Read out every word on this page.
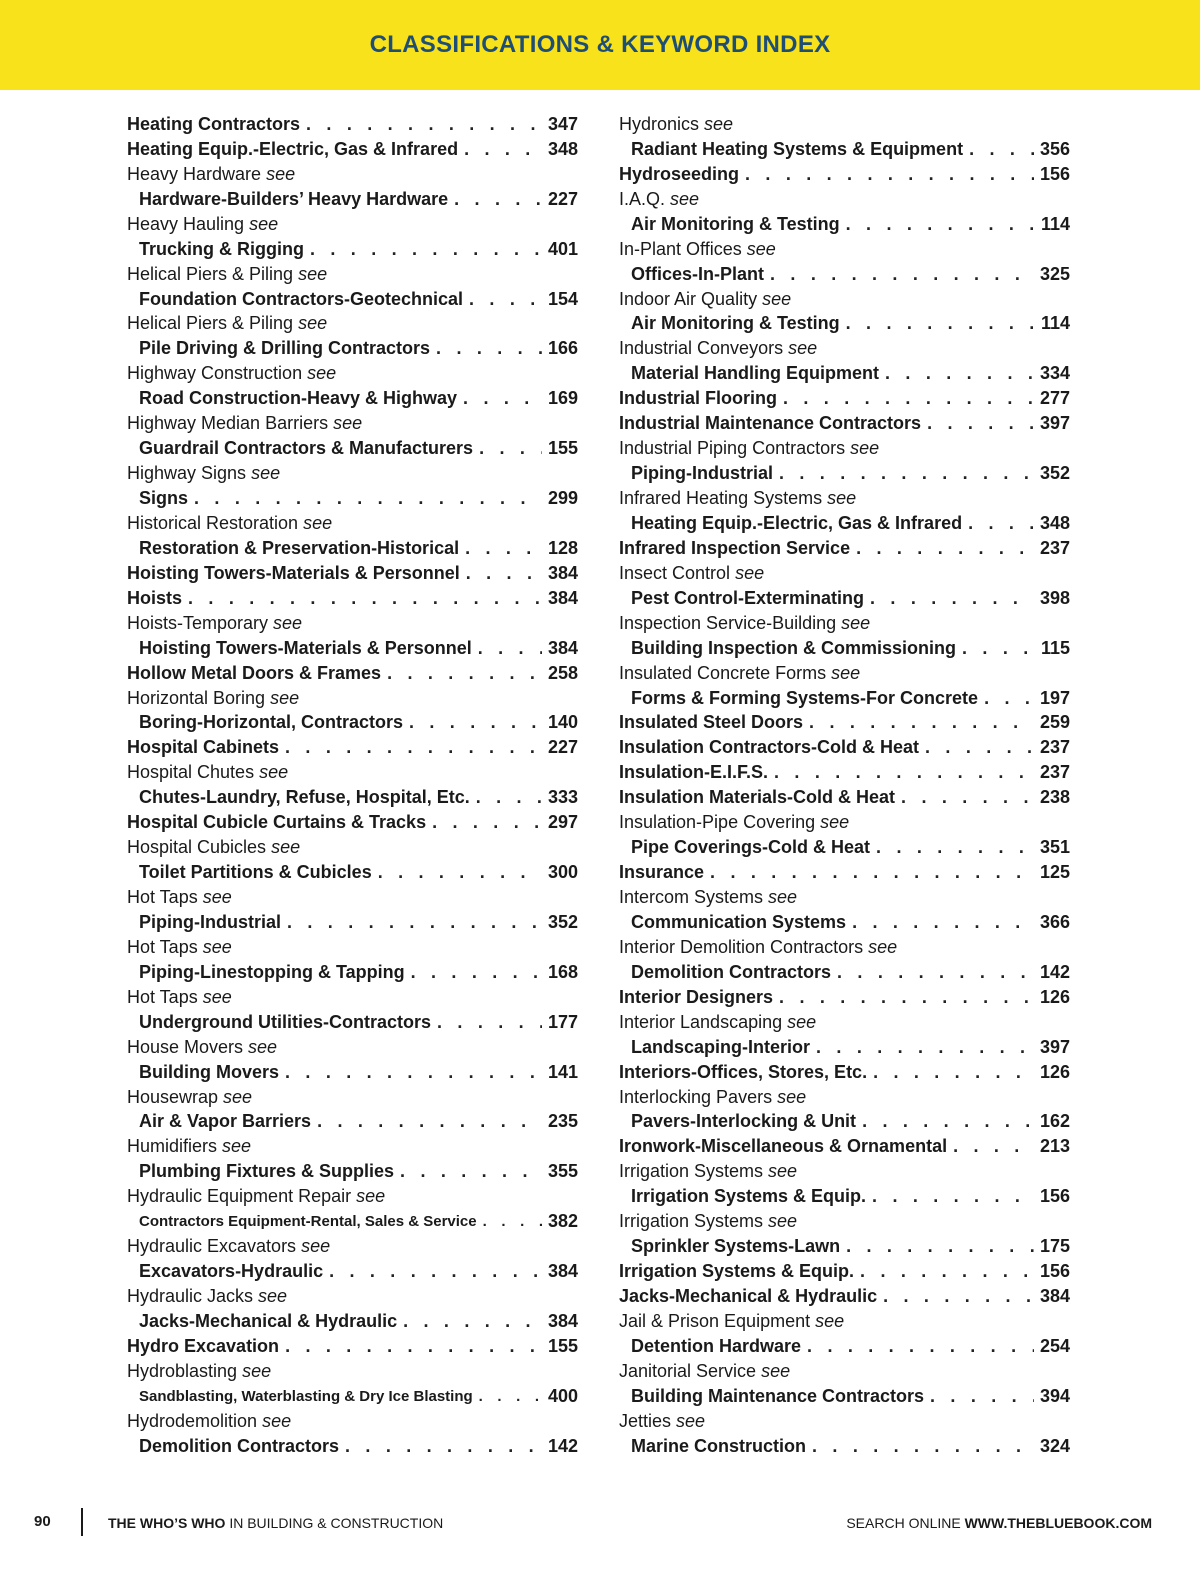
CLASSIFICATIONS & KEYWORD INDEX
Heating Contractors . . .	347
Heating Equip.-Electric, Gas & Infrared . . .	348
Heavy Hardware see
Hardware-Builders’ Heavy Hardware . . .	227
Heavy Hauling see
Trucking & Rigging . . .	401
Helical Piers & Piling see
Foundation Contractors-Geotechnical . . .	154
Helical Piers & Piling see
Pile Driving & Drilling Contractors . . .	166
Highway Construction see
Road Construction-Heavy & Highway . . .	169
Highway Median Barriers see
Guardrail Contractors & Manufacturers . . .	155
Highway Signs see
Signs . . .	299
Historical Restoration see
Restoration & Preservation-Historical . . .	128
Hoisting Towers-Materials & Personnel . . .	384
Hoists . . .	384
Hoists-Temporary see
Hoisting Towers-Materials & Personnel . . .	384
Hollow Metal Doors & Frames . . .	258
Horizontal Boring see
Boring-Horizontal, Contractors . . .	140
Hospital Cabinets . . .	227
Hospital Chutes see
Chutes-Laundry, Refuse, Hospital, Etc. . . .	333
Hospital Cubicle Curtains & Tracks . . .	297
Hospital Cubicles see
Toilet Partitions & Cubicles . . .	300
Hot Taps see
Piping-Industrial . . .	352
Hot Taps see
Piping-Linestopping & Tapping . . .	168
Hot Taps see
Underground Utilities-Contractors . . .	177
House Movers see
Building Movers . . .	141
Housewrap see
Air & Vapor Barriers . . .	235
Humidifiers see
Plumbing Fixtures & Supplies . . .	355
Hydraulic Equipment Repair see
Contractors Equipment-Rental, Sales & Service . . .	382
Hydraulic Excavators see
Excavators-Hydraulic . . .	384
Hydraulic Jacks see
Jacks-Mechanical & Hydraulic . . .	384
Hydro Excavation . . .	155
Hydroblasting see
Sandblasting, Waterblasting & Dry Ice Blasting . . .	400
Hydrodemolition see
Demolition Contractors . . .	142
Hydronics see
Radiant Heating Systems & Equipment . . .	356
Hydroseeding . . .	156
I.A.Q. see
Air Monitoring & Testing . . .	114
In-Plant Offices see
Offices-In-Plant . . .	325
Indoor Air Quality see
Air Monitoring & Testing . . .	114
Industrial Conveyors see
Material Handling Equipment . . .	334
Industrial Flooring . . .	277
Industrial Maintenance Contractors . . .	397
Industrial Piping Contractors see
Piping-Industrial . . .	352
Infrared Heating Systems see
Heating Equip.-Electric, Gas & Infrared . . .	348
Infrared Inspection Service . . .	237
Insect Control see
Pest Control-Exterminating . . .	398
Inspection Service-Building see
Building Inspection & Commissioning . . .	115
Insulated Concrete Forms see
Forms & Forming Systems-For Concrete . . .	197
Insulated Steel Doors . . .	259
Insulation Contractors-Cold & Heat . . .	237
Insulation-E.I.F.S. . . .	237
Insulation Materials-Cold & Heat . . .	238
Insulation-Pipe Covering see
Pipe Coverings-Cold & Heat . . .	351
Insurance . . .	125
Intercom Systems see
Communication Systems . . .	366
Interior Demolition Contractors see
Demolition Contractors . . .	142
Interior Designers . . .	126
Interior Landscaping see
Landscaping-Interior . . .	397
Interiors-Offices, Stores, Etc. . . .	126
Interlocking Pavers see
Pavers-Interlocking & Unit . . .	162
Ironwork-Miscellaneous & Ornamental . . .	213
Irrigation Systems see
Irrigation Systems & Equip. . . .	156
Irrigation Systems see
Sprinkler Systems-Lawn . . .	175
Irrigation Systems & Equip. . . .	156
Jacks-Mechanical & Hydraulic . . .	384
Jail & Prison Equipment see
Detention Hardware . . .	254
Janitorial Service see
Building Maintenance Contractors . . .	394
Jetties see
Marine Construction . . .	324
90	THE WHO’S WHO IN BUILDING & CONSTRUCTION	SEARCH ONLINE WWW.THEBLUEBOOK.COM
